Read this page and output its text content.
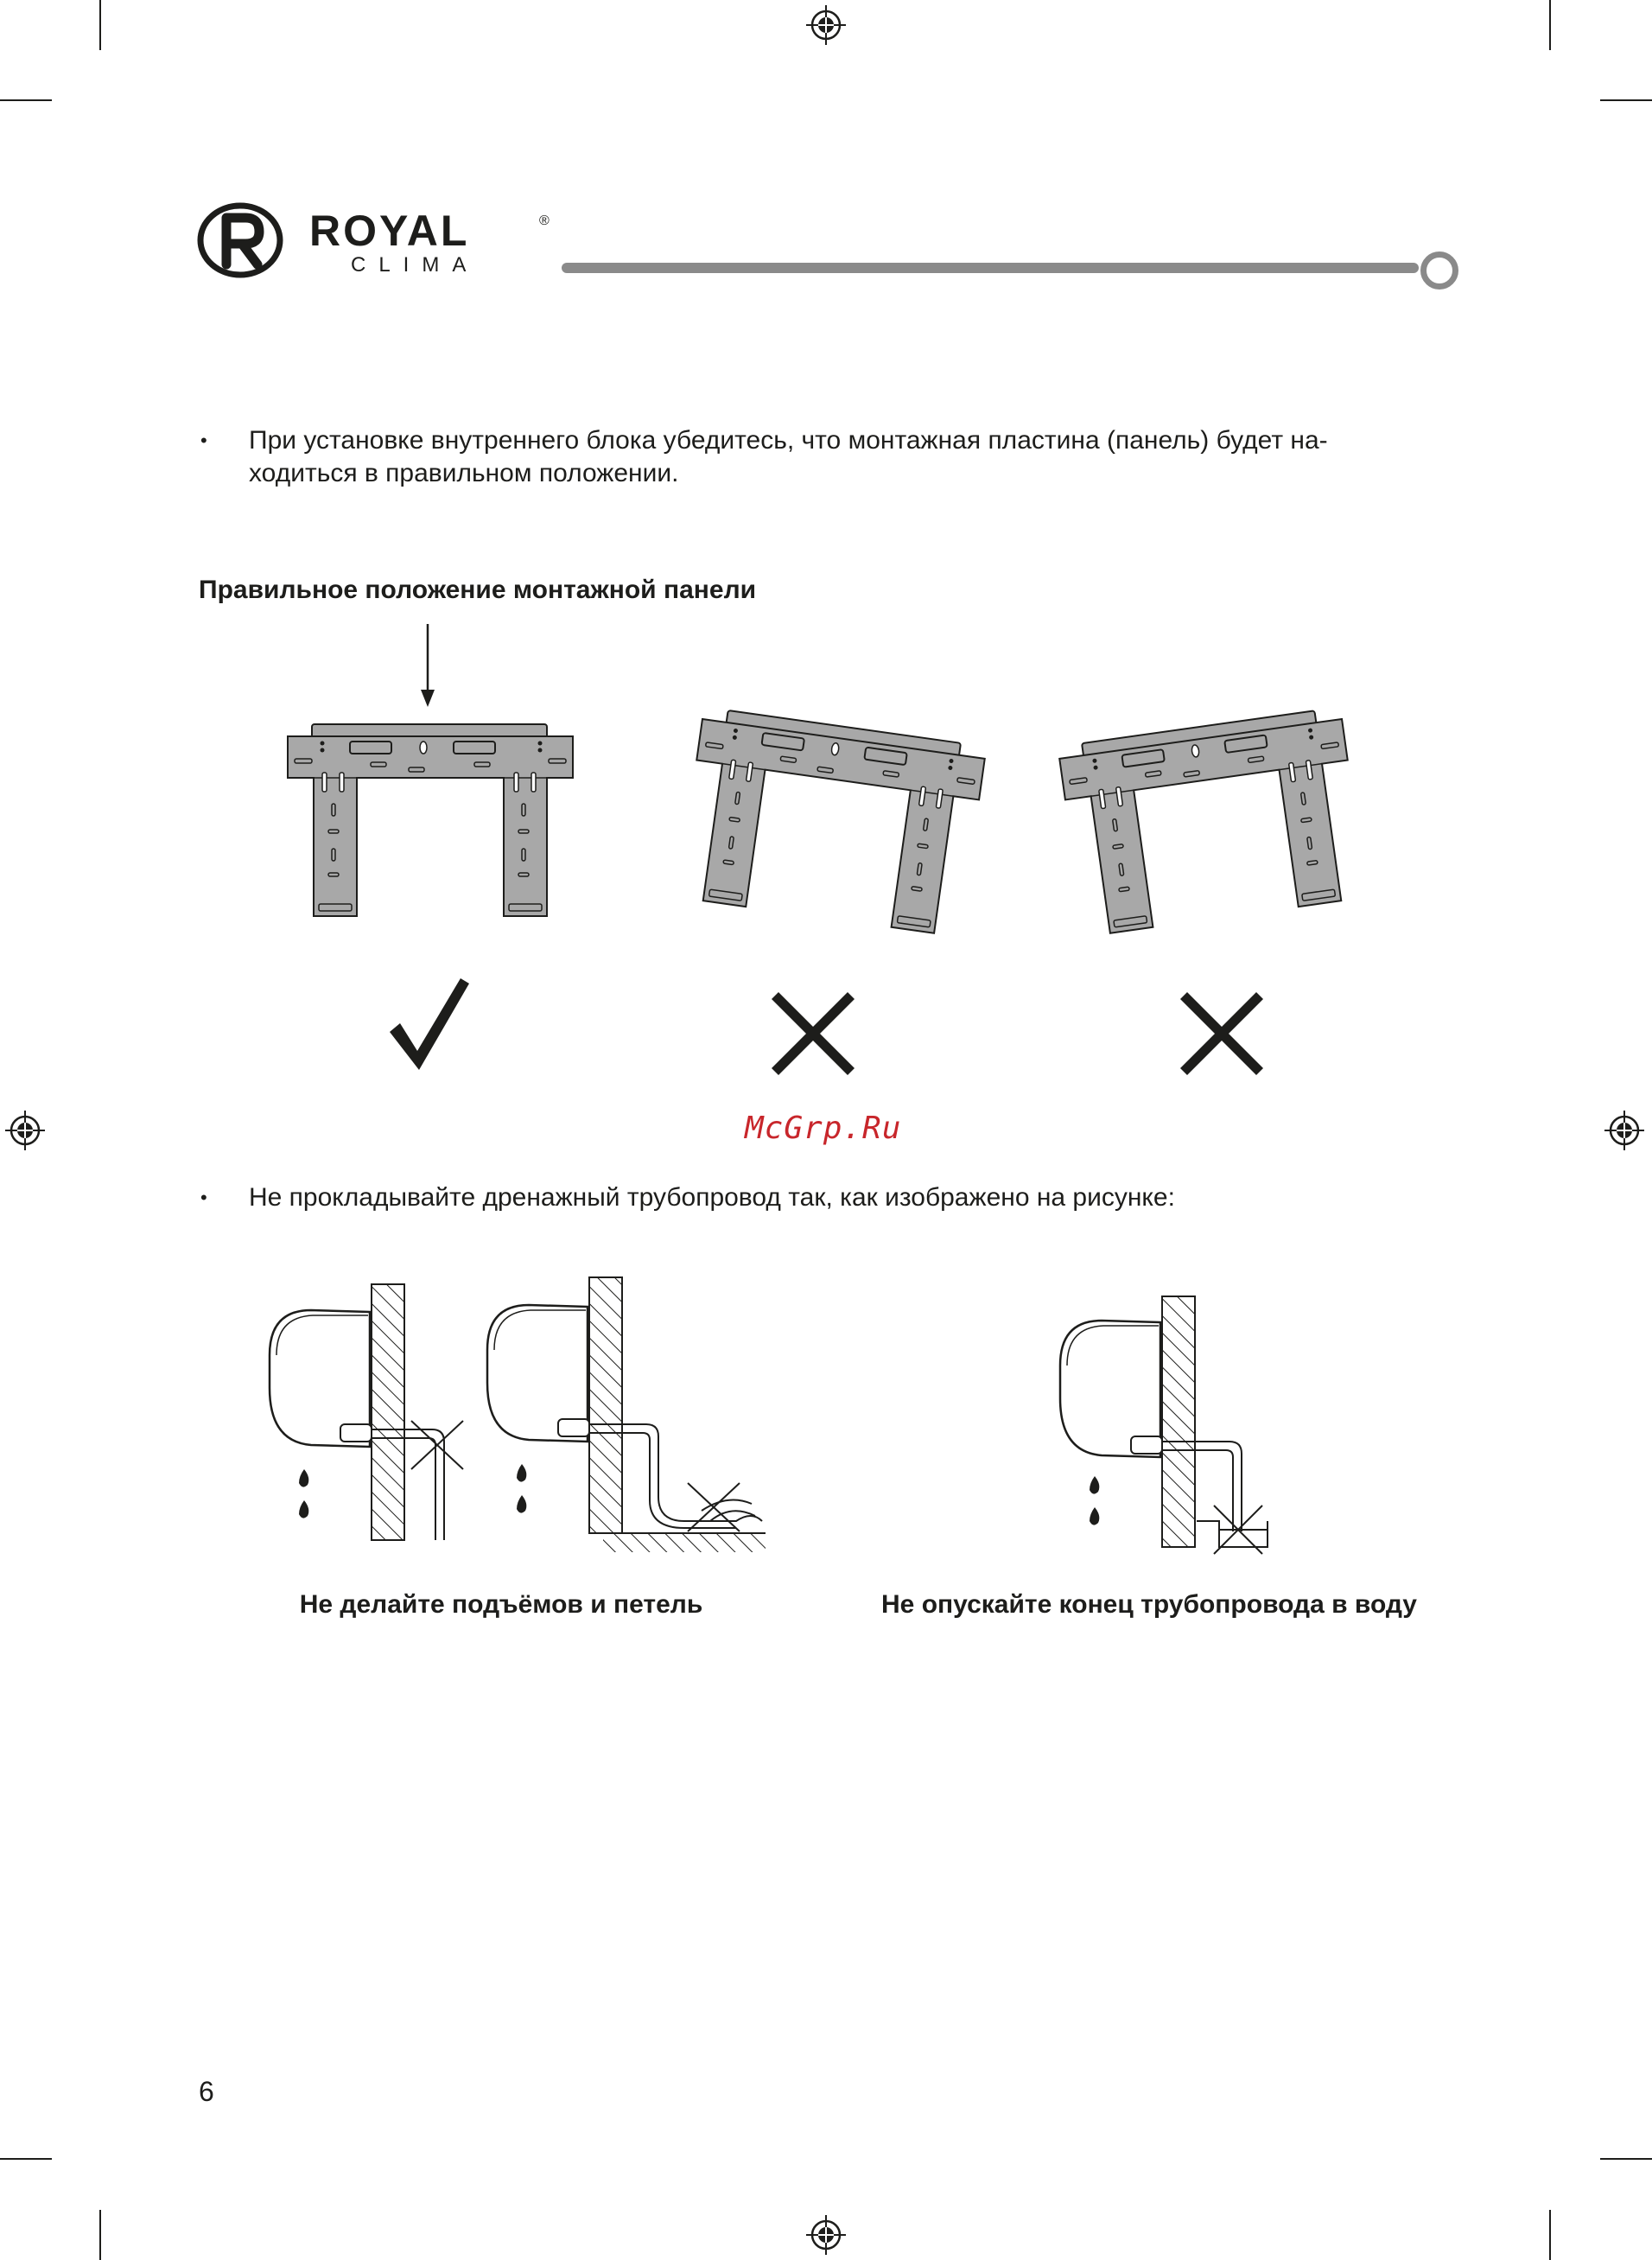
ROYAL	®
CLIMA
• При установке внутреннего блока убедитесь, что монтажная пластина (панель) будет на-
ходиться в правильном положении.
Правильное положение монтажной панели
McGrp.Ru
• Не прокладывайте дренажный трубопровод так, как изображено на рисунке:
Не делайте подъёмов и петель	Не опускайте конец трубопровода в воду
6
